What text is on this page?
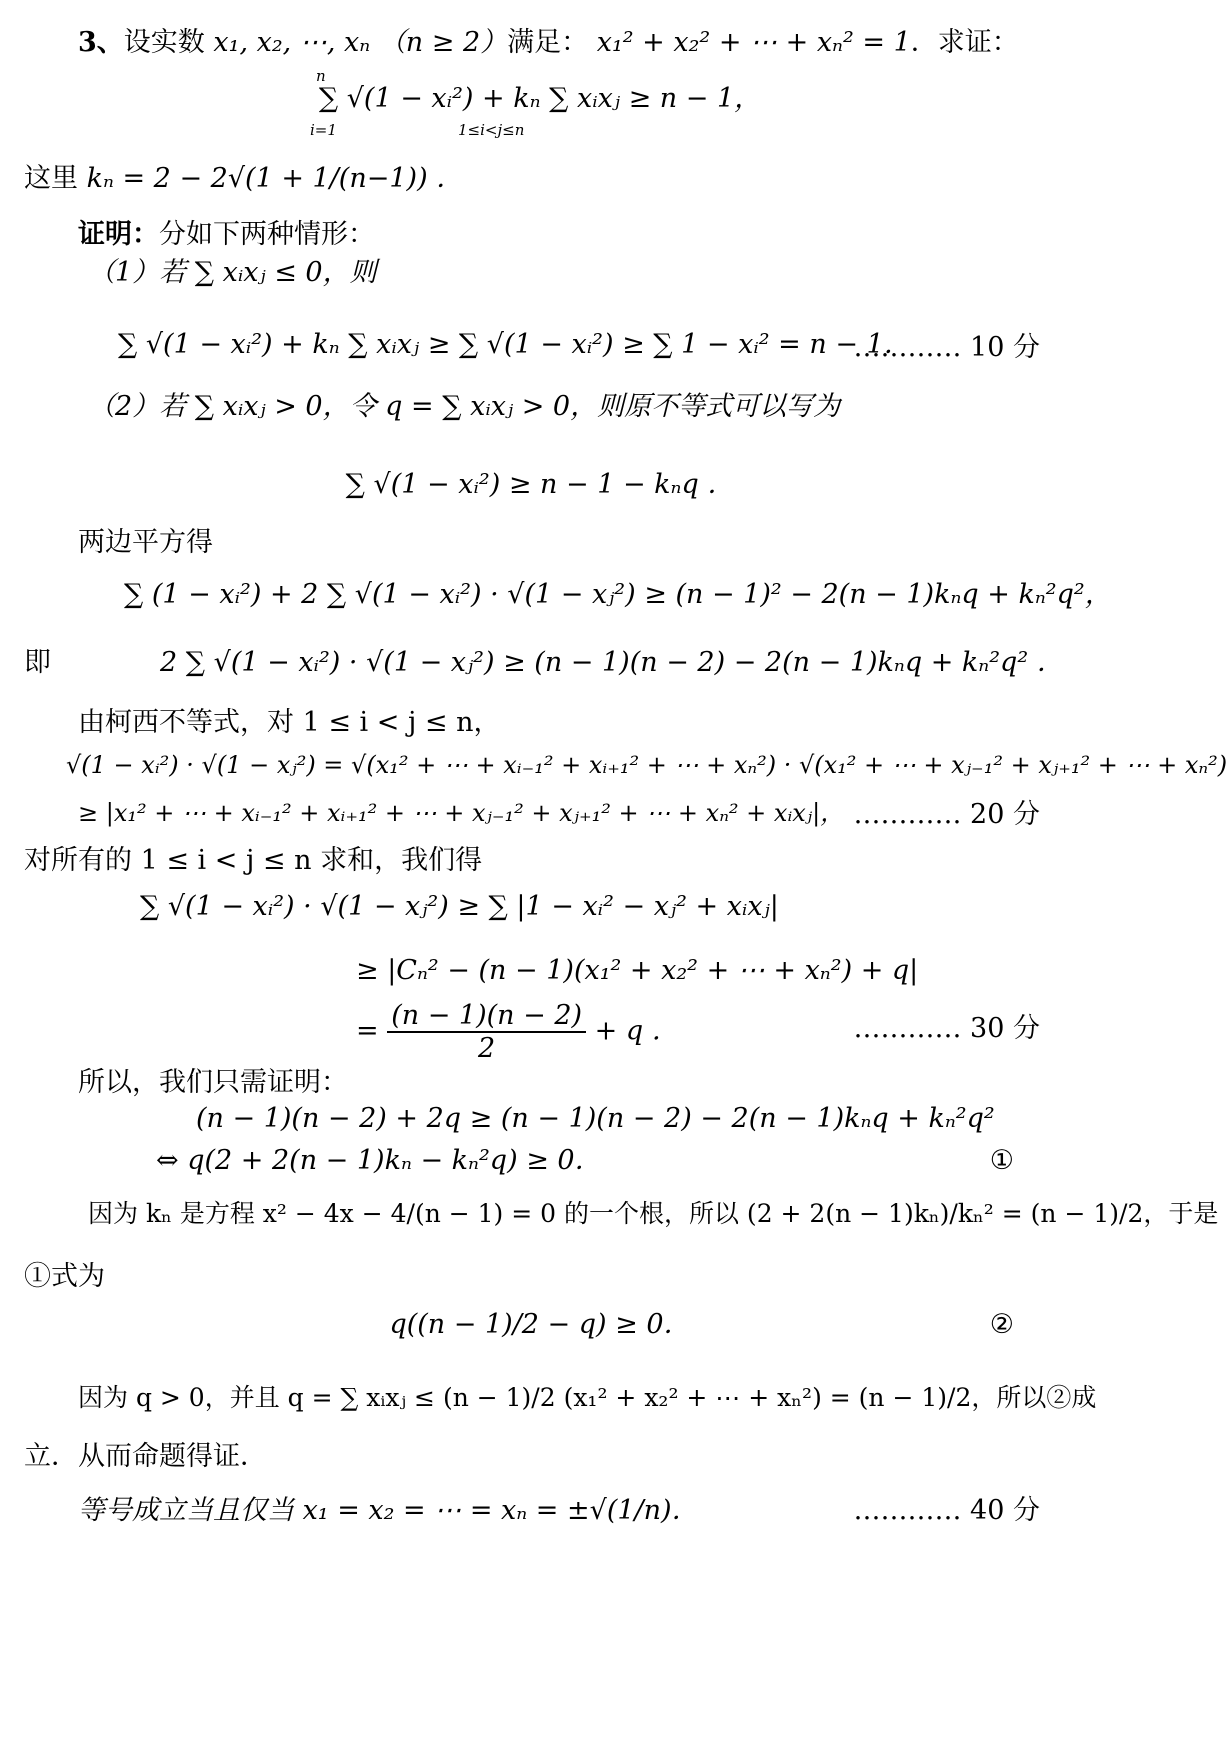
3、设实数 x₁, x₂, ⋯, xₙ （n ≥ 2）满足： x₁² + x₂² + ⋯ + xₙ² = 1．求证：
∑ √(1 − xᵢ²) + kₙ ∑ xᵢxⱼ ≥ n − 1，
i=1
n
1≤i<j≤n
这里 kₙ = 2 − 2√(1 + 1/(n−1)) ．
证明：分如下两种情形：
（1）若 ∑ xᵢxⱼ ≤ 0，则
∑ √(1 − xᵢ²) + kₙ ∑ xᵢxⱼ ≥ ∑ √(1 − xᵢ²) ≥ ∑ 1 − xᵢ² = n − 1．
………… 10 分
（2）若 ∑ xᵢxⱼ > 0，令 q = ∑ xᵢxⱼ > 0，则原不等式可以写为
∑ √(1 − xᵢ²) ≥ n − 1 − kₙq ．
两边平方得
∑ (1 − xᵢ²) + 2 ∑ √(1 − xᵢ²) · √(1 − xⱼ²) ≥ (n − 1)² − 2(n − 1)kₙq + kₙ²q²，
即	2 ∑ √(1 − xᵢ²) · √(1 − xⱼ²) ≥ (n − 1)(n − 2) − 2(n − 1)kₙq + kₙ²q² ．
由柯西不等式，对 1 ≤ i < j ≤ n，
√(1 − xᵢ²) · √(1 − xⱼ²) = √(x₁² + ⋯ + xᵢ₋₁² + xᵢ₊₁² + ⋯ + xₙ²) · √(x₁² + ⋯ + xⱼ₋₁² + xⱼ₊₁² + ⋯ + xₙ²)
≥ |x₁² + ⋯ + xᵢ₋₁² + xᵢ₊₁² + ⋯ + xⱼ₋₁² + xⱼ₊₁² + ⋯ + xₙ² + xᵢxⱼ|， ………… 20 分
对所有的 1 ≤ i < j ≤ n 求和，我们得
∑ √(1 − xᵢ²) · √(1 − xⱼ²) ≥ ∑ |1 − xᵢ² − xⱼ² + xᵢxⱼ|
≥ |Cₙ² − (n − 1)(x₁² + x₂² + ⋯ + xₙ²) + q|
= $\frac{(n - 1)(n - 2)}{2} + q$ ．	………… 30 分
所以，我们只需证明：
(n − 1)(n − 2) + 2q ≥ (n − 1)(n − 2) − 2(n − 1)kₙq + kₙ²q²
⇔ q(2 + 2(n − 1)kₙ − kₙ²q) ≥ 0．	①
因为 kₙ 是方程 x² − 4x − 4/(n − 1) = 0 的一个根，所以 (2 + 2(n − 1)kₙ)/kₙ² = (n − 1)/2，于是
①式为
q((n − 1)/2 − q) ≥ 0．	②
因为 q > 0，并且 q = ∑ xᵢxⱼ ≤ (n − 1)/2 (x₁² + x₂² + ⋯ + xₙ²) = (n − 1)/2，所以②成
立．从而命题得证．
等号成立当且仅当 x₁ = x₂ = ⋯ = xₙ = ±√(1/n)．	………… 40 分
